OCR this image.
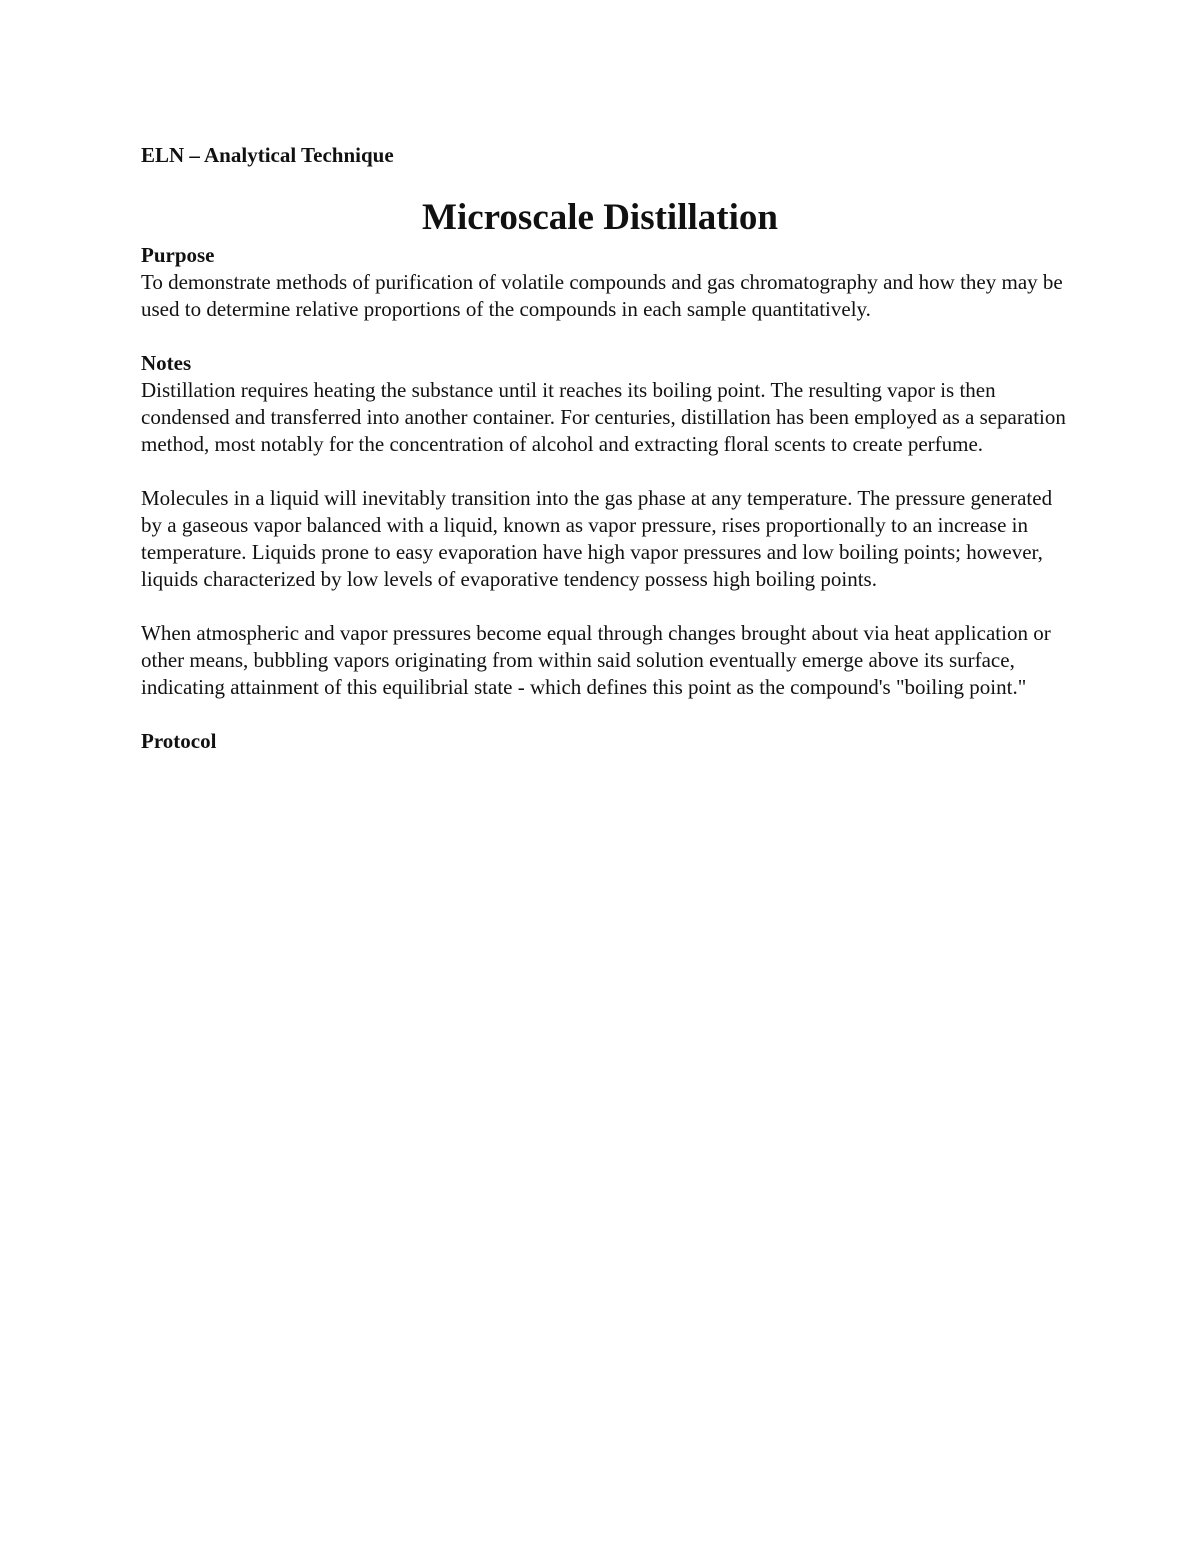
ELN – Analytical Technique
Microscale Distillation

Purpose

To demonstrate methods of purification of volatile compounds and gas chromatography and how they may be used to determine relative proportions of the compounds in each sample quantitatively.

Notes

Distillation requires heating the substance until it reaches its boiling point. The resulting vapor is then condensed and transferred into another container. For centuries, distillation has been employed as a separation method, most notably for the concentration of alcohol and extracting floral scents to create perfume.

Molecules in a liquid will inevitably transition into the gas phase at any temperature. The pressure generated by a gaseous vapor balanced with a liquid, known as vapor pressure, rises proportionally to an increase in temperature. Liquids prone to easy evaporation have high vapor pressures and low boiling points; however, liquids characterized by low levels of evaporative tendency possess high boiling points.

When atmospheric and vapor pressures become equal through changes brought about via heat application or other means, bubbling vapors originating from within said solution eventually emerge above its surface, indicating attainment of this equilibrial state - which defines this point as the compound's "boiling point."

Protocol
